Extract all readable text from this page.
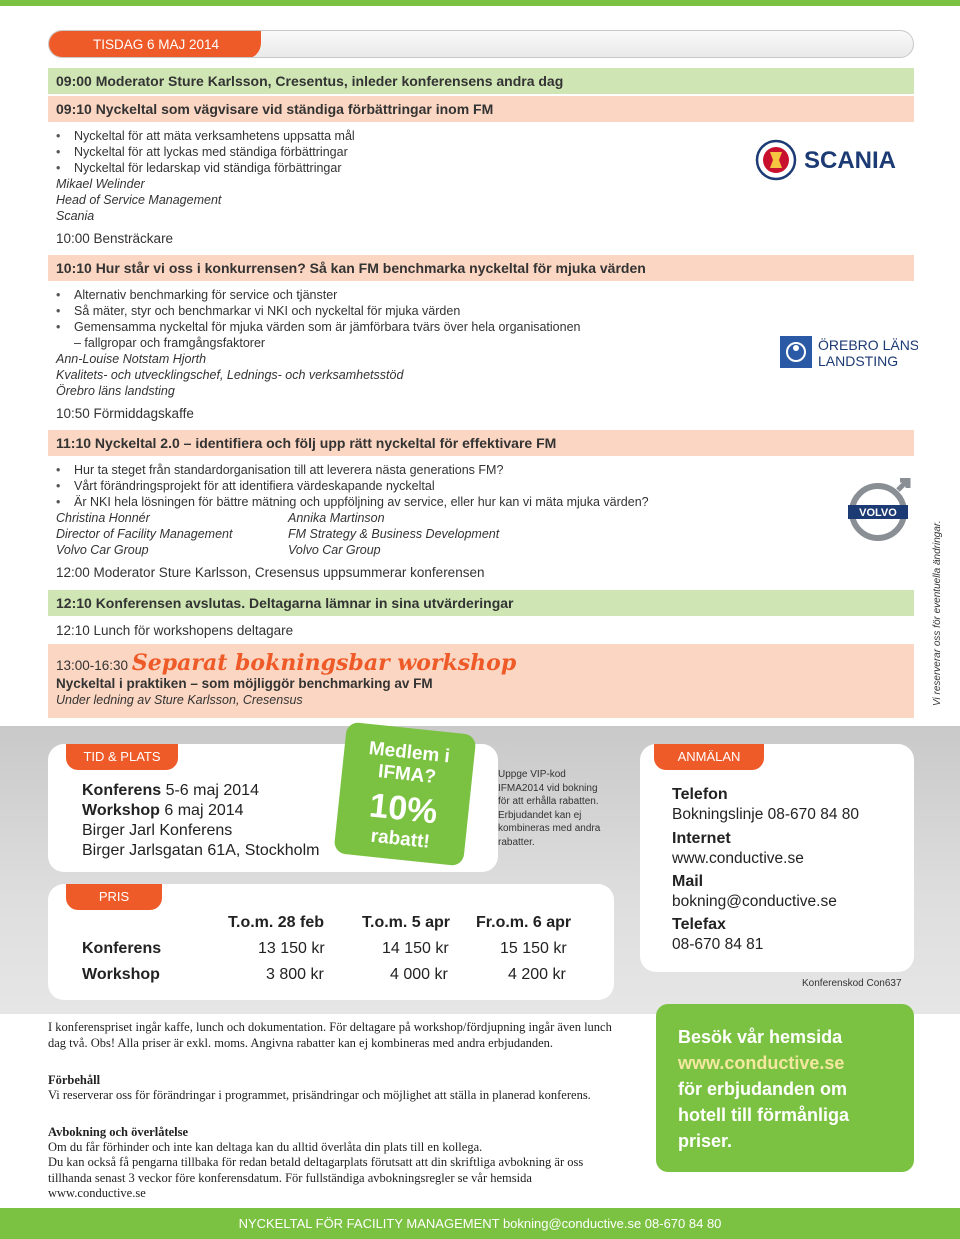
TISDAG 6 MAJ 2014
09:00 Moderator Sture Karlsson, Cresentus, inleder konferensens andra dag
09:10 Nyckeltal som vägvisare vid ständiga förbättringar inom FM
• Nyckeltal för att mäta verksamhetens uppsatta mål
• Nyckeltal för att lyckas med ständiga förbättringar
• Nyckeltal för ledarskap vid ständiga förbättringar
Mikael Welinder
Head of Service Management
Scania
10:00 Bensträckare
10:10 Hur står vi oss i konkurrensen? Så kan FM benchmarka nyckeltal för mjuka värden
• Alternativ benchmarking för service och tjänster
• Så mäter, styr och benchmarkar vi NKI och nyckeltal för mjuka värden
• Gemensamma nyckeltal för mjuka värden som är jämförbara tvärs över hela organisationen
– fallgropar och framgångsfaktorer
Ann-Louise Notstam Hjorth
Kvalitets- och utvecklingschef, Lednings- och verksamhetsstöd
Örebro läns landsting
10:50 Förmiddagskaffe
11:10 Nyckeltal 2.0 – identifiera och följ upp rätt nyckeltal för effektivare FM
• Hur ta steget från standardorganisation till att leverera nästa generations FM?
• Vårt förändringsprojekt för att identifiera värdeskapande nyckeltal
• Är NKI hela lösningen för bättre mätning och uppföljning av service, eller hur kan vi mäta mjuka värden?
Christina Honnér
Director of Facility Management
Volvo Car Group
Annika Martinson
FM Strategy & Business Development
Volvo Car Group
12:00 Moderator Sture Karlsson, Cresensus uppsummerar konferensen
12:10 Konferensen avslutas. Deltagarna lämnar in sina utvärderingar
12:10 Lunch för workshopens deltagare
13:00-16:30 Separat bokningsbar workshop
Nyckeltal i praktiken – som möjliggör benchmarking av FM
Under ledning av Sture Karlsson, Cresensus
SCANIA
ÖREBRO LÄNS
LANDSTING
VOLVO
Vi reserverar oss för eventuella ändringar.
TID & PLATS
Konferens 5-6 maj 2014
Workshop 6 maj 2014
Birger Jarl Konferens
Birger Jarlsgatan 61A, Stockholm
Medlem i
IFMA?
10%
rabatt!
Uppge VIP-kod IFMA2014 vid bokning för att erhålla rabatten. Erbjudandet kan ej kombineras med andra rabatter.
PRIS
T.o.m. 28 feb T.o.m. 5 apr Fr.o.m. 6 apr
Konferens	13 150 kr	14 150 kr	15 150 kr
Workshop	3 800 kr	4 000 kr	4 200 kr
ANMÄLAN
Telefon
Bokningslinje 08-670 84 80
Internet
www.conductive.se
Mail
bokning@conductive.se
Telefax
08-670 84 81
Konferenskod Con637
I konferenspriset ingår kaffe, lunch och dokumentation. För deltagare på workshop/fördjupning ingår även lunch dag två. Obs! Alla priser är exkl. moms. Angivna rabatter kan ej kombineras med andra erbjudanden.
Förbehåll
Vi reserverar oss för förändringar i programmet, prisändringar och möjlighet att ställa in planerad konferens.
Avbokning och överlåtelse
Om du får förhinder och inte kan deltaga kan du alltid överlåta din plats till en kollega.
Du kan också få pengarna tillbaka för redan betald deltagarplats förutsatt att din skriftliga avbokning är oss tillhanda senast 3 veckor före konferensdatum. För fullständiga avbokningsregler se vår hemsida www.conductive.se
Besök vår hemsida
www.conductive.se
för erbjudanden om hotell till förmånliga priser.
NYCKELTAL FÖR FACILITY MANAGEMENT bokning@conductive.se 08-670 84 80
